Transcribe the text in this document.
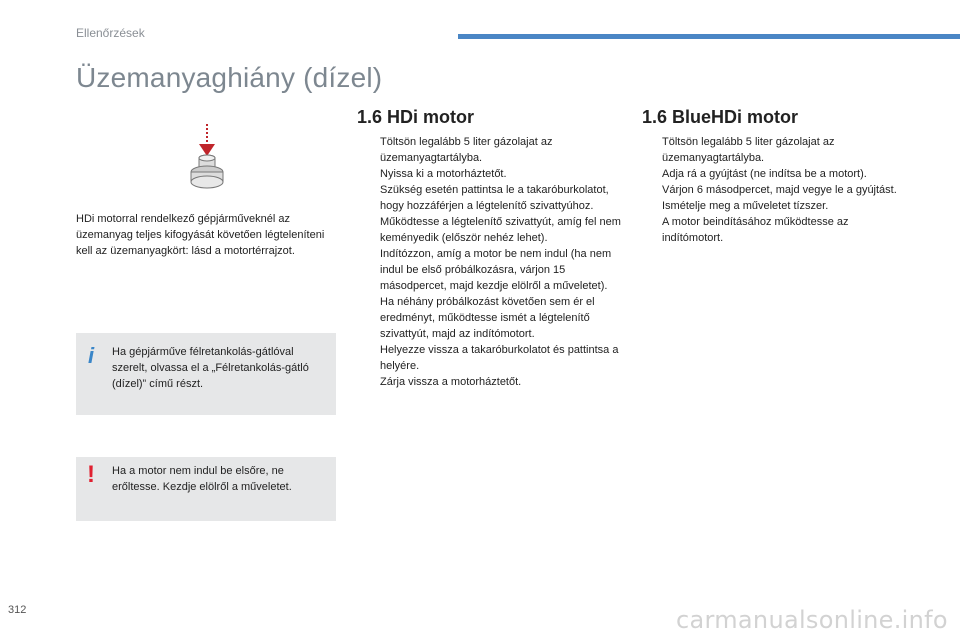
Ellenőrzések
Üzemanyaghiány (dízel)

HDi motorral rendelkező gépjárműveknél az üzemanyag teljes kifogyását követően légteleníteni kell az üzemanyagkört: lásd a motortérrajzot.

i Ha gépjárműve félretankolás-gátlóval szerelt, olvassa el a „Félretankolás-gátló (dízel)” című részt.

! Ha a motor nem indul be elsőre, ne erőltesse. Kezdje elölről a műveletet.

1.6 HDi motor
Töltsön legalább 5 liter gázolajat az üzemanyagtartályba.
Nyissa ki a motorháztetőt.
Szükség esetén pattintsa le a takaróburkolatot, hogy hozzáférjen a légtelenítő szivattyúhoz.
Működtesse a légtelenítő szivattyút, amíg fel nem keményedik (először nehéz lehet).
Indítózzon, amíg a motor be nem indul (ha nem indul be első próbálkozásra, várjon 15 másodpercet, majd kezdje elölről a műveletet).
Ha néhány próbálkozást követően sem ér el eredményt, működtesse ismét a légtelenítő szivattyút, majd az indítómotort.
Helyezze vissza a takaróburkolatot és pattintsa a helyére.
Zárja vissza a motorháztetőt.
1.6 BlueHDi motor
Töltsön legalább 5 liter gázolajat az üzemanyagtartályba.
Adja rá a gyújtást (ne indítsa be a motort).
Várjon 6 másodpercet, majd vegye le a gyújtást.
Ismételje meg a műveletet tízszer.
A motor beindításához működtesse az indítómotort.
312	carmanualsonline.info
